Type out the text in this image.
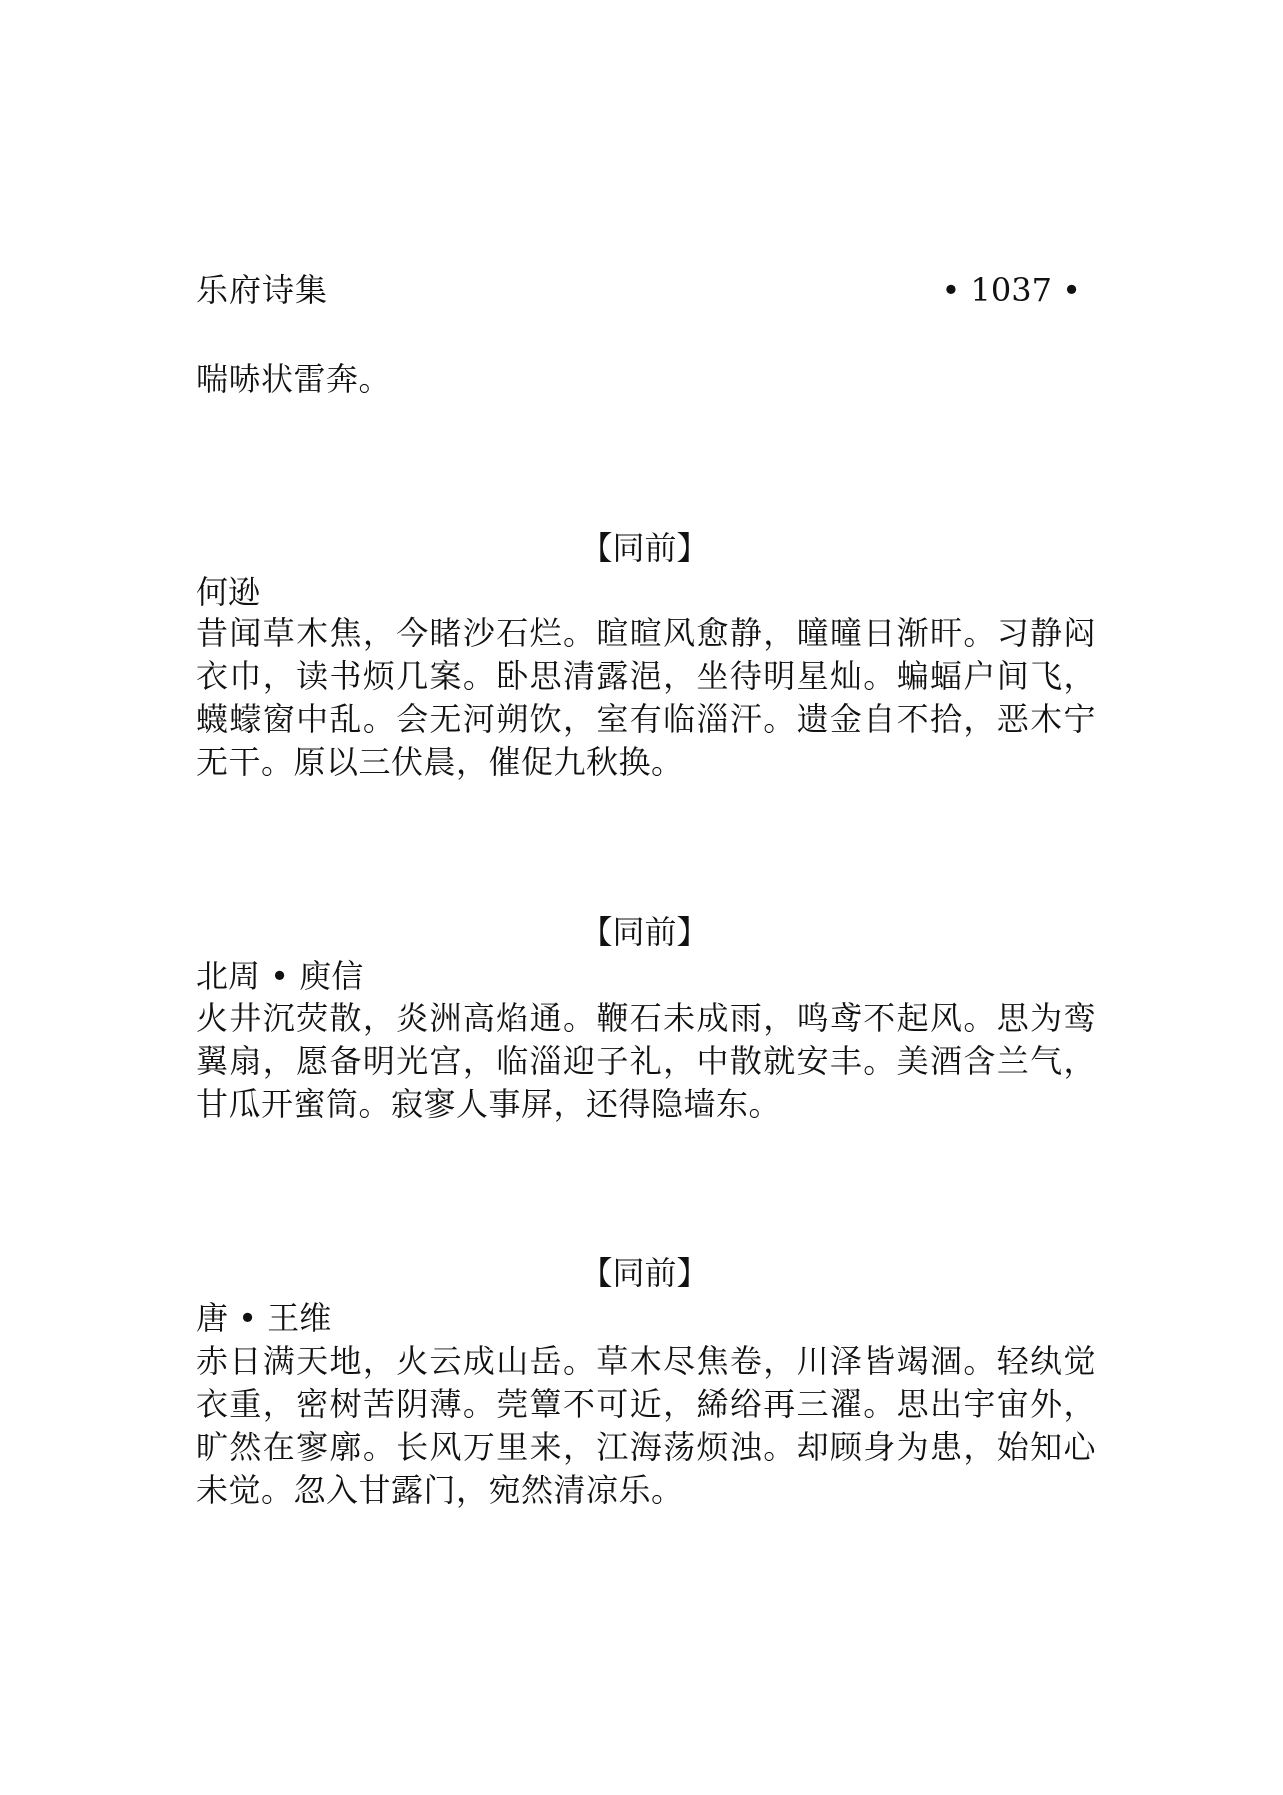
乐府诗集	• 1037 •
喘哧状雷奔。
【同前】
何逊
昔闻草木焦，今睹沙石烂。暄暄风愈静，曈曈日渐旰。习静闷衣巾，读书烦几案。卧思清露浥，坐待明星灿。蝙蝠户间飞，蠛蠓窗中乱。会无河朔饮，室有临淄汗。遗金自不拾，恶木宁无干。原以三伏晨，催促九秋换。
【同前】
北周 • 庾信
火井沉荧散，炎洲高焰通。鞭石未成雨，鸣鸢不起风。思为鸾翼扇，愿备明光宫，临淄迎子礼，中散就安丰。美酒含兰气，甘瓜开蜜筒。寂寥人事屏，还得隐墙东。
【同前】
唐 • 王维
赤日满天地，火云成山岳。草木尽焦卷，川泽皆竭涸。轻纨觉衣重，密树苦阴薄。莞簟不可近，絺绤再三濯。思出宇宙外，旷然在寥廓。长风万里来，江海荡烦浊。却顾身为患，始知心未觉。忽入甘露门，宛然清凉乐。
